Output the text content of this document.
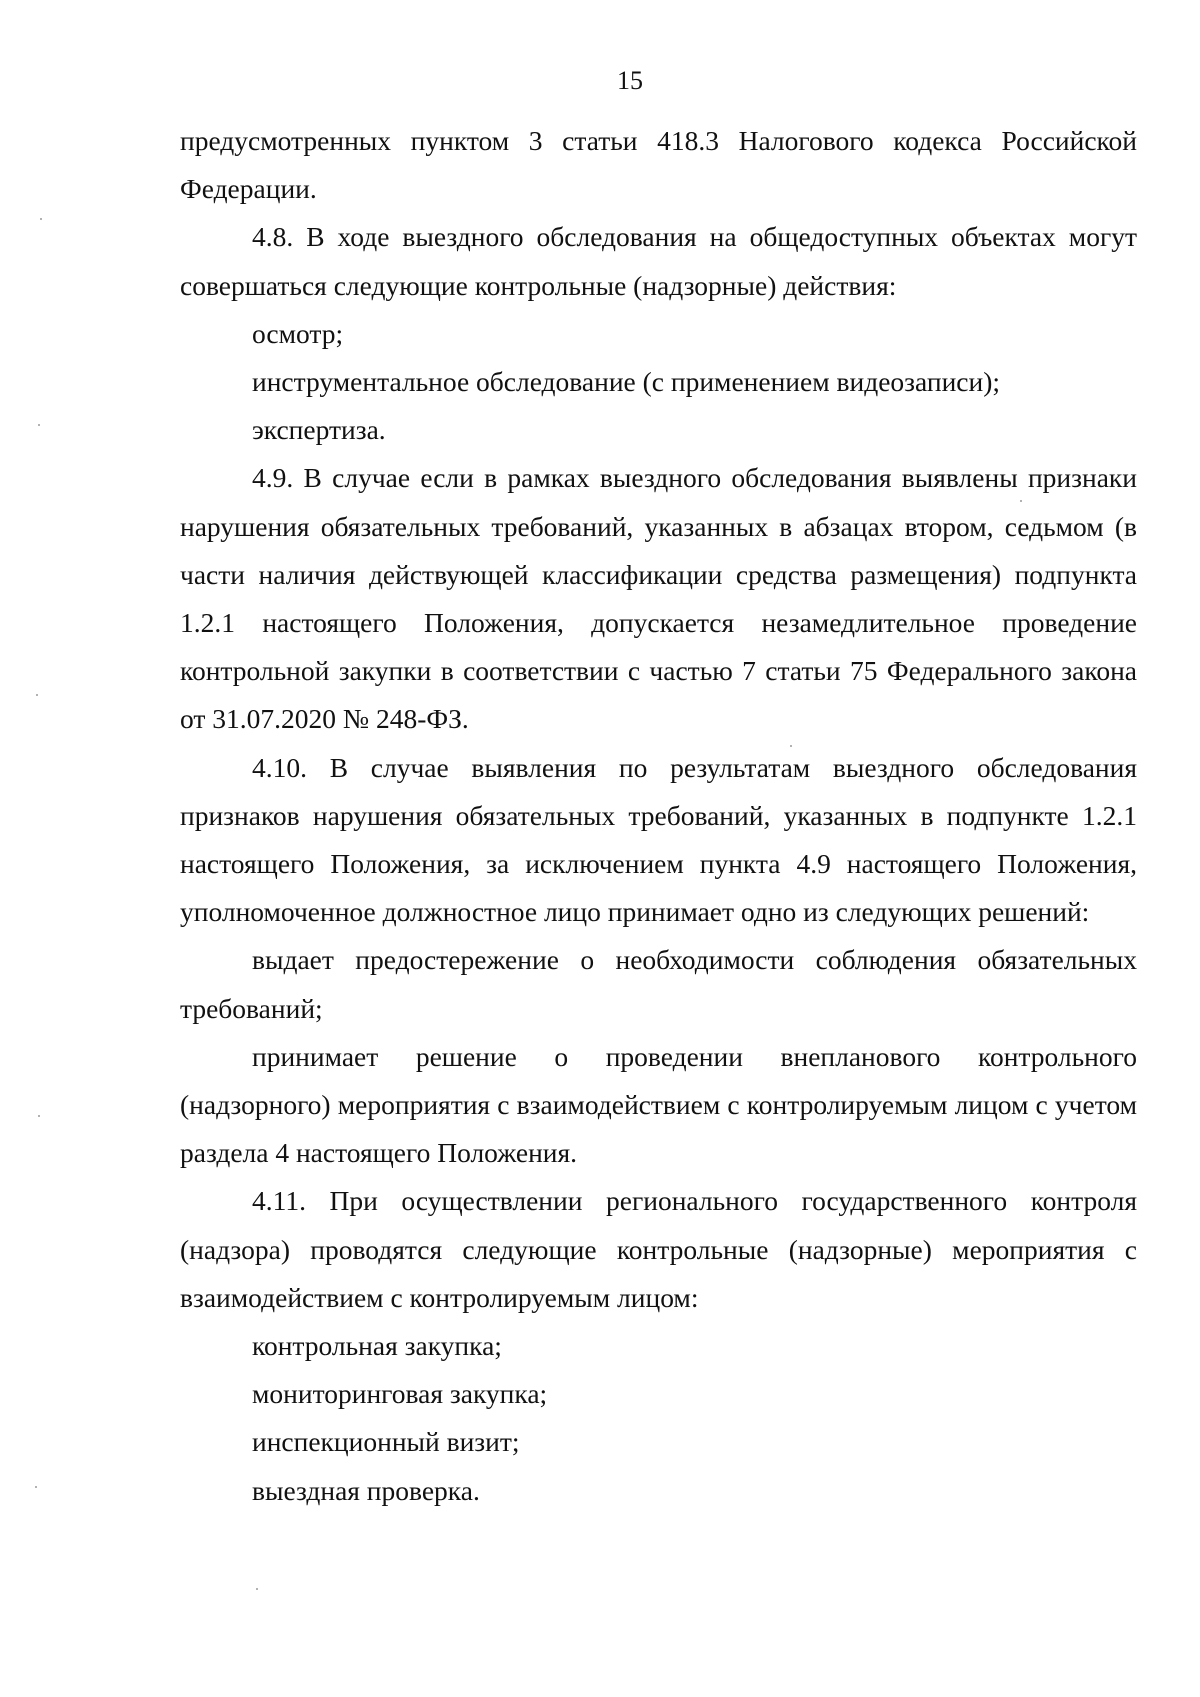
15

предусмотренных пунктом 3 статьи 418.3 Налогового кодекса Российской Федерации.

4.8. В ходе выездного обследования на общедоступных объектах могут совершаться следующие контрольные (надзорные) действия:

осмотр;

инструментальное обследование (с применением видеозаписи);

экспертиза.

4.9. В случае если в рамках выездного обследования выявлены признаки нарушения обязательных требований, указанных в абзацах втором, седьмом (в части наличия действующей классификации средства размещения) подпункта 1.2.1 настоящего Положения, допускается незамедлительное проведение контрольной закупки в соответствии с частью 7 статьи 75 Федерального закона от 31.07.2020 № 248-ФЗ.

4.10. В случае выявления по результатам выездного обследования признаков нарушения обязательных требований, указанных в подпункте 1.2.1 настоящего Положения, за исключением пункта 4.9 настоящего Положения, уполномоченное должностное лицо принимает одно из следующих решений:

выдает предостережение о необходимости соблюдения обязательных требований;

принимает решение о проведении внепланового контрольного (надзорного) мероприятия с взаимодействием с контролируемым лицом с учетом раздела 4 настоящего Положения.

4.11. При осуществлении регионального государственного контроля (надзора) проводятся следующие контрольные (надзорные) мероприятия с взаимодействием с контролируемым лицом:

контрольная закупка;

мониторинговая закупка;

инспекционный визит;

выездная проверка.
